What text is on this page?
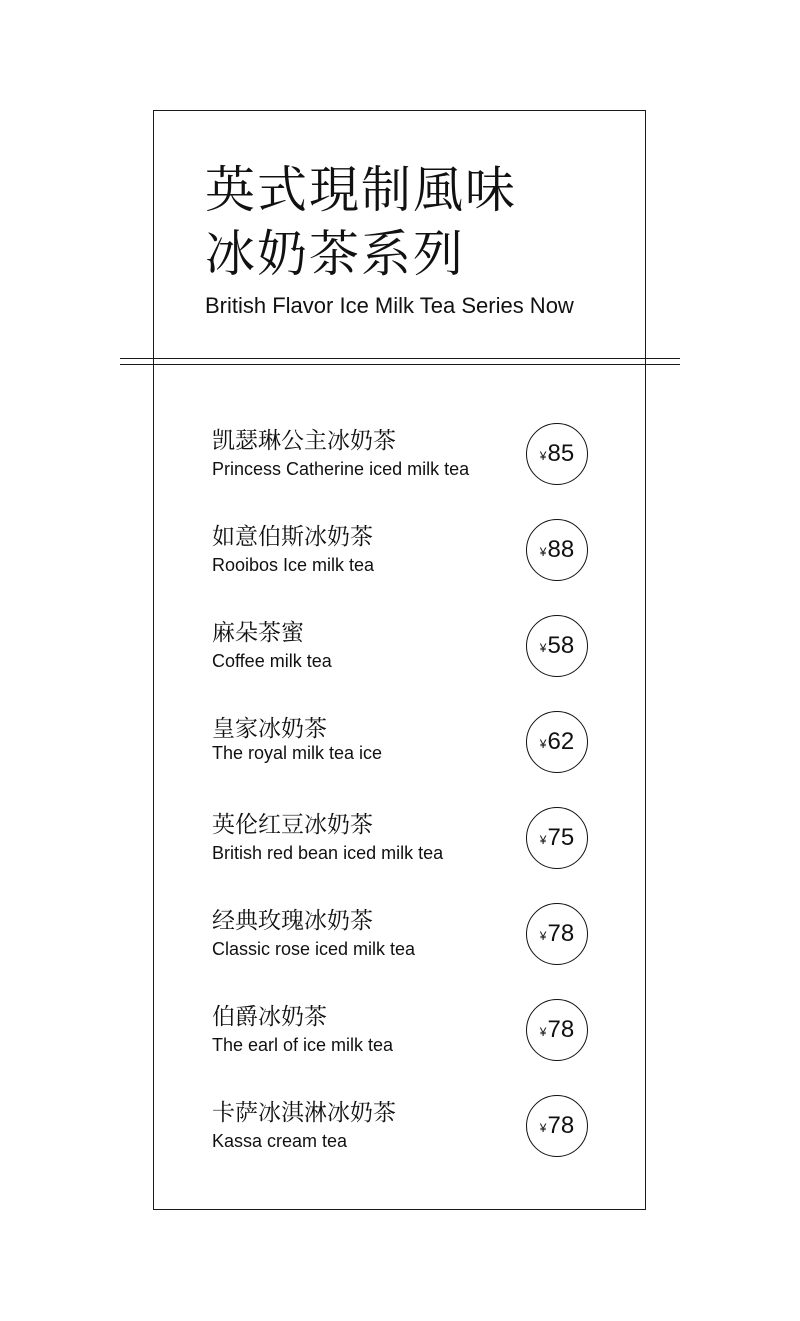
英式現制風味
冰奶茶系列
British Flavor Ice Milk Tea Series Now
凯瑟琳公主冰奶茶
Princess Catherine iced milk tea
¥ 85
如意伯斯冰奶茶
Rooibos Ice milk tea
¥ 88
麻朵茶蜜
Coffee milk tea
¥ 58
皇家冰奶茶
The royal milk tea ice	¥ 62
英伦红豆冰奶茶
British red bean iced milk tea
¥ 75
经典玫瑰冰奶茶
Classic rose iced milk tea
¥ 78
伯爵冰奶茶
The earl of ice milk tea
¥ 78
卡萨冰淇淋冰奶茶
Kassa cream tea
¥ 78
